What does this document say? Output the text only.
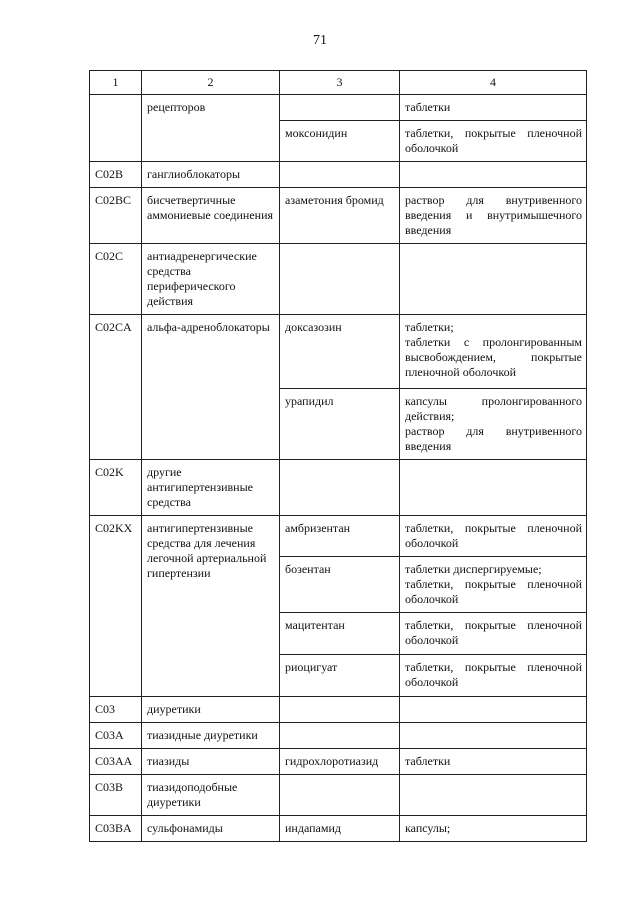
71
1	2	3	4
	рецепторов		таблетки
		моксонидин	таблетки, покрытые пленочной оболочкой
C02B	ганглиоблокаторы		
C02BC	бисчетвертичные аммониевые соединения	азаметония бромид	раствор для внутривенного введения и внутримышечного введения
C02C	антиадренергические средства периферического действия		
C02CA	альфа-адреноблокаторы	доксазозин	таблетки;
таблетки с пролонгированным высвобождением, покрытые пленочной оболочкой
		урапидил	капсулы пролонгированного действия;
раствор для внутривенного введения
C02K	другие антигипертензивные средства		
C02KX	антигипертензивные средства для лечения легочной артериальной гипертензии	амбризентан	таблетки, покрытые пленочной оболочкой
		бозентан	таблетки диспергируемые;
таблетки, покрытые пленочной оболочкой
		мацитентан	таблетки, покрытые пленочной оболочкой
		риоцигуат	таблетки, покрытые пленочной оболочкой
C03	диуретики		
C03A	тиазидные диуретики		
C03AA	тиазиды	гидрохлоротиазид	таблетки
C03B	тиазидоподобные диуретики		
C03BA	сульфонамиды	индапамид	капсулы;
